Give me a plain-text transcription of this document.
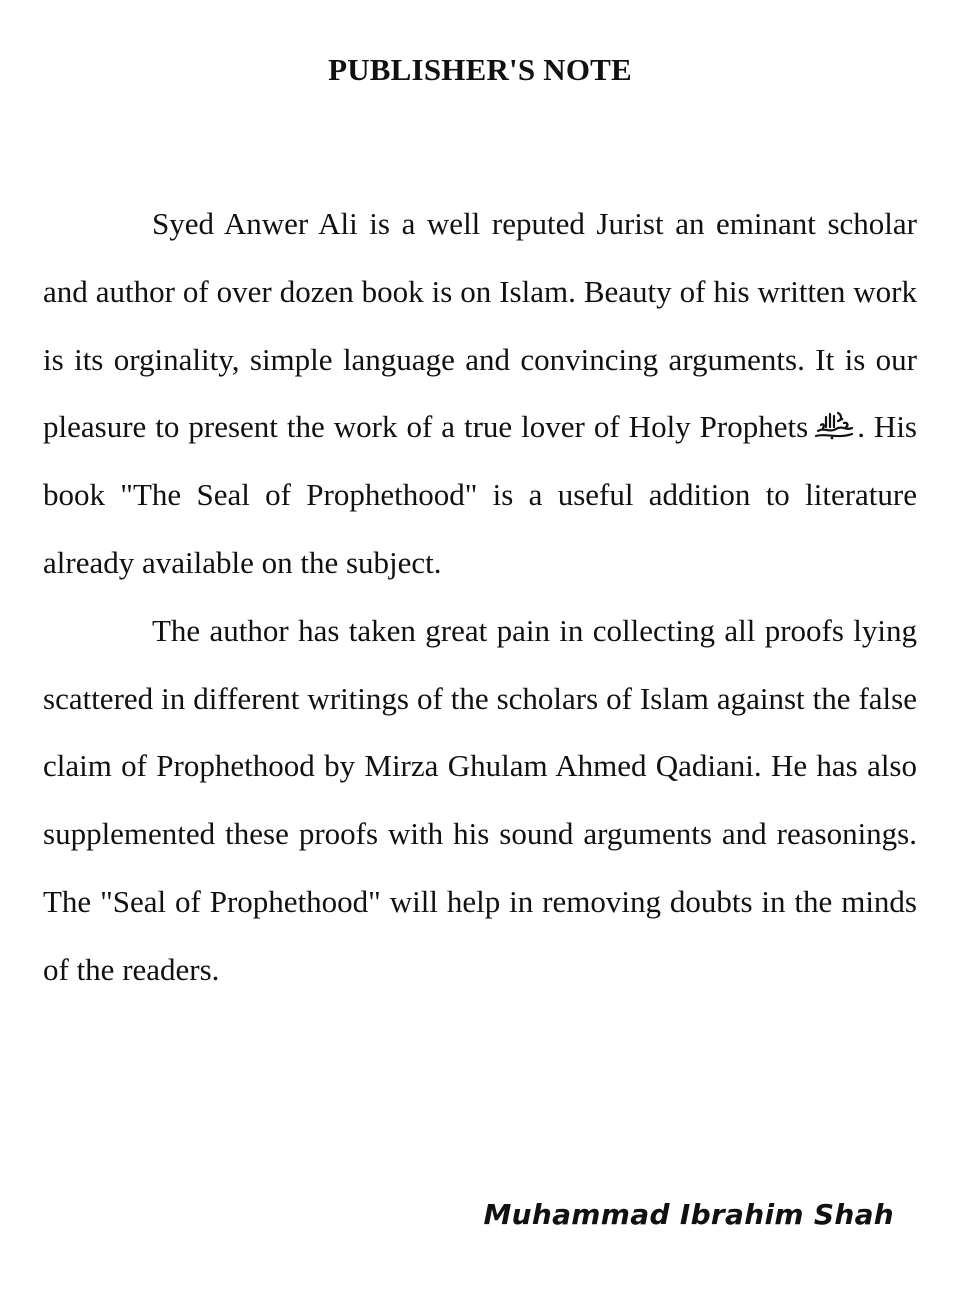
PUBLISHER'S NOTE

Syed Anwer Ali is a well reputed Jurist an eminant scholar and author of over dozen book is on Islam. Beauty of his written work is its orginality, simple language and convincing arguments. It is our pleasure to present the work of a true lover of Holy Prophets . His book "The Seal of Prophethood" is a useful addition to literature already available on the subject.

The author has taken great pain in collecting all proofs lying scattered in different writings of the scholars of Islam against the false claim of Prophethood by Mirza Ghulam Ahmed Qadiani. He has also supplemented these proofs with his sound arguments and reasonings. The "Seal of Prophethood" will help in removing doubts in the minds of the readers.

Muhammad Ibrahim Shah
